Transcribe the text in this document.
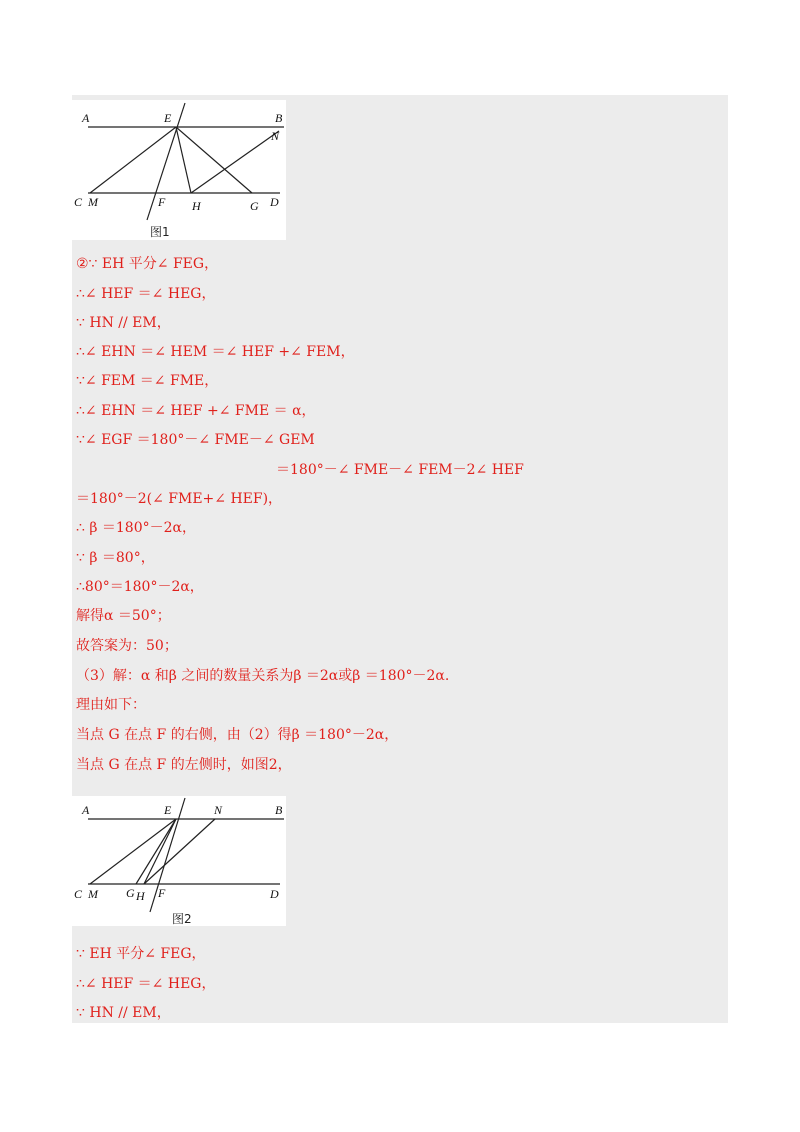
A	E	B
N
C M	F H	G D
图1
A	E	N	B
C M G H F	D
图2
②∵ EH 平分∠ FEG，
∴∠ HEF ＝∠ HEG，
∵ HN // EM，
∴∠ EHN ＝∠ HEM ＝∠ HEF +∠ FEM，
∵∠ FEM ＝∠ FME，
∴∠ EHN ＝∠ HEF +∠ FME ＝ α，
∵∠ EGF ＝180°－∠ FME－∠ GEM
＝180°－∠ FME－∠ FEM－2∠ HEF
＝180°－2(∠ FME+∠ HEF)，
∴ β ＝180°－2α，
∵ β ＝80°，
∴80°＝180°－2α，
解得α ＝50°；
故答案为：50；
（3）解：α 和β 之间的数量关系为β ＝2α或β ＝180°－2α.
理由如下：
当点 G 在点 F 的右侧，由（2）得β ＝180°－2α，
当点 G 在点 F 的左侧时，如图2，
∵ EH 平分∠ FEG，
∴∠ HEF ＝∠ HEG，
∵ HN // EM，
